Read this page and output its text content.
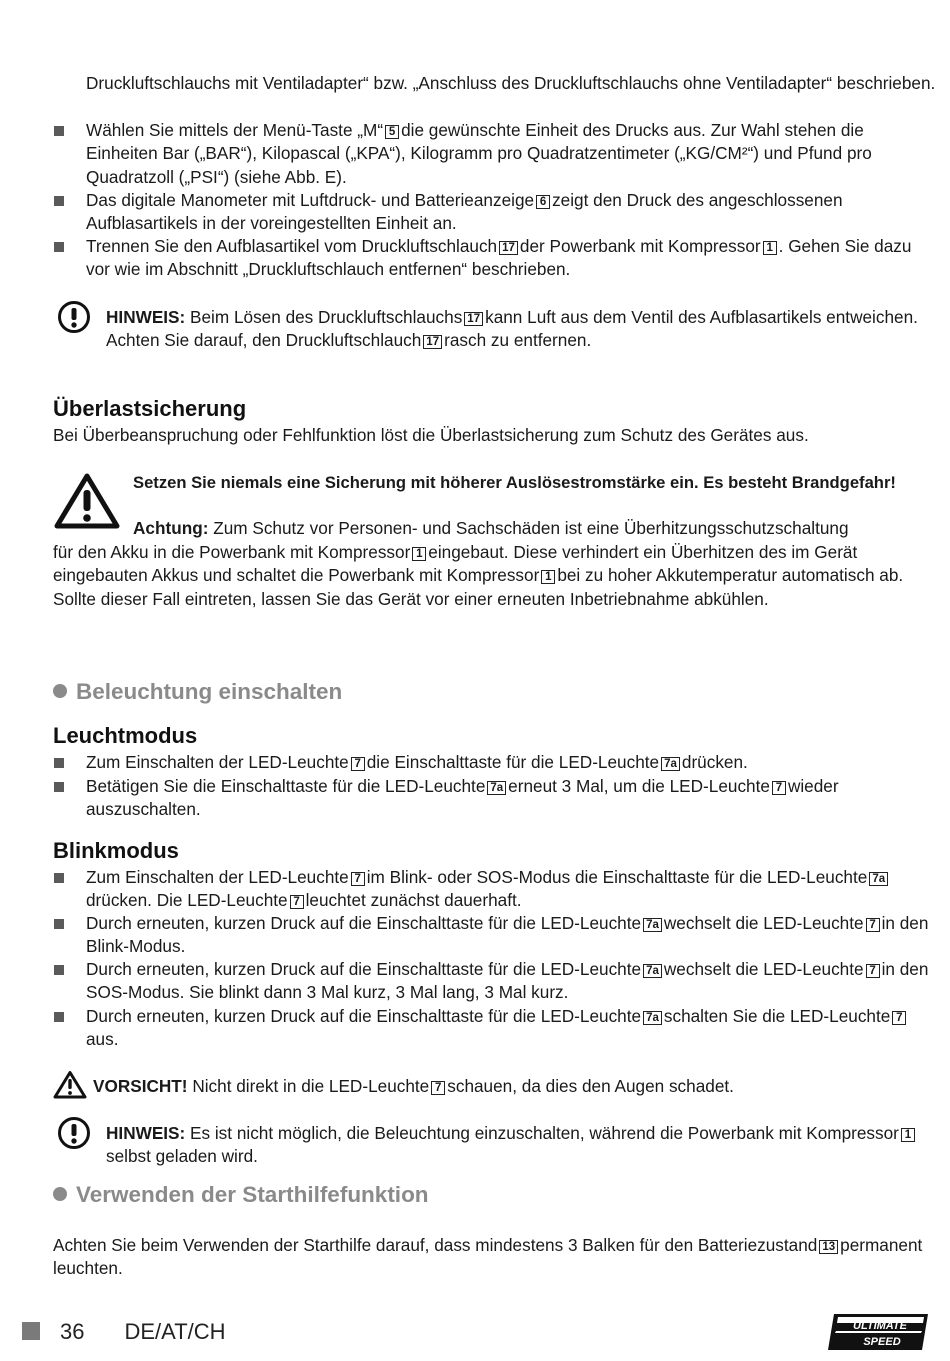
Druckluftschlauchs mit Ventiladapter“ bzw. „Anschluss des Druckluftschlauchs ohne Ventiladapter“ beschrieben.
Wählen Sie mittels der Menü-Taste „M“ 5 die gewünschte Einheit des Drucks aus. Zur Wahl stehen die Einheiten Bar („BAR“), Kilopascal („KPA“), Kilogramm pro Quadratzentimeter („KG/CM²“) und Pfund pro Quadratzoll („PSI“) (siehe Abb. E).
Das digitale Manometer mit Luftdruck- und Batterieanzeige 6 zeigt den Druck des angeschlossenen Aufblasartikels in der voreingestellten Einheit an.
Trennen Sie den Aufblasartikel vom Druckluftschlauch 17 der Powerbank mit Kompressor 1 . Gehen Sie dazu vor wie im Abschnitt „Druckluftschlauch entfernen“ beschrieben.
HINWEIS: Beim Lösen des Druckluftschlauchs 17 kann Luft aus dem Ventil des Aufblasartikels entweichen. Achten Sie darauf, den Druckluftschlauch 17 rasch zu entfernen.
Überlastsicherung
Bei Überbeanspruchung oder Fehlfunktion löst die Überlastsicherung zum Schutz des Gerätes aus.
Setzen Sie niemals eine Sicherung mit höherer Auslösestromstärke ein. Es besteht Brandgefahr!
Achtung: Zum Schutz vor Personen- und Sachschäden ist eine Überhitzungsschutzschaltung
für den Akku in die Powerbank mit Kompressor 1 eingebaut. Diese verhindert ein Überhitzen des im Gerät eingebauten Akkus und schaltet die Powerbank mit Kompressor 1 bei zu hoher Akkutemperatur automatisch ab. Sollte dieser Fall eintreten, lassen Sie das Gerät vor einer erneuten Inbetriebnahme abkühlen.
Beleuchtung einschalten
Leuchtmodus
Zum Einschalten der LED-Leuchte 7 die Einschalttaste für die LED-Leuchte 7a drücken.
Betätigen Sie die Einschalttaste für die LED-Leuchte 7a erneut 3 Mal, um die LED-Leuchte 7 wieder auszuschalten.
Blinkmodus
Zum Einschalten der LED-Leuchte 7 im Blink- oder SOS-Modus die Einschalttaste für die LED-Leuchte 7adrücken. Die LED-Leuchte 7 leuchtet zunächst dauerhaft.
Durch erneuten, kurzen Druck auf die Einschalttaste für die LED-Leuchte 7a wechselt die LED-Leuchte 7 in den Blink-Modus.
Durch erneuten, kurzen Druck auf die Einschalttaste für die LED-Leuchte 7a wechselt die LED-Leuchte 7 in den SOS-Modus. Sie blinkt dann 3 Mal kurz, 3 Mal lang, 3 Mal kurz.
Durch erneuten, kurzen Druck auf die Einschalttaste für die LED-Leuchte 7a schalten Sie die LED-Leuchte 7aus.
VORSICHT! Nicht direkt in die LED-Leuchte 7 schauen, da dies den Augen schadet.
HINWEIS: Es ist nicht möglich, die Beleuchtung einzuschalten, während die Powerbank mit Kompressor 1selbst geladen wird.
Verwenden der Starthilfefunktion
Achten Sie beim Verwenden der Starthilfe darauf, dass mindestens 3 Balken für den Batteriezustand 13 permanent leuchten.
36 DE/AT/CH	ULTIMATE
SPEED
